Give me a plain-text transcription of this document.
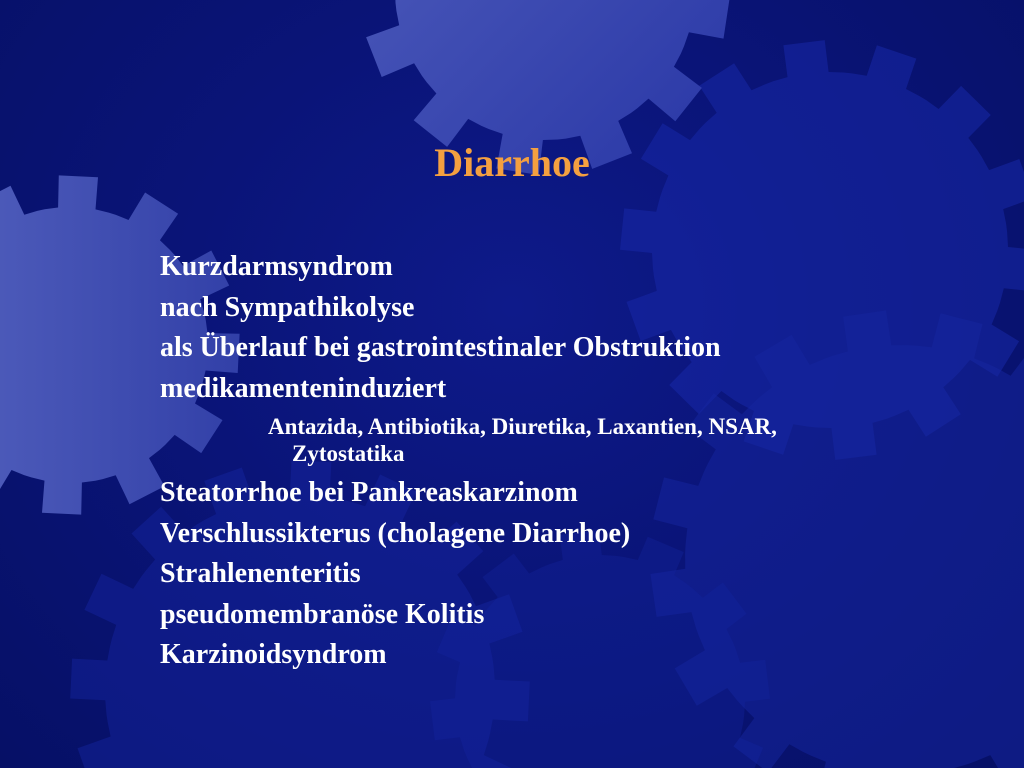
Diarrhoe
Kurzdarmsyndrom
nach Sympathikolyse
als Überlauf bei gastrointestinaler Obstruktion
medikamenteninduziert
Antazida, Antibiotika, Diuretika, Laxantien, NSAR,
Zytostatika
Steatorrhoe bei Pankreaskarzinom
Verschlussikterus (cholagene Diarrhoe)
Strahlenenteritis
pseudomembranöse Kolitis
Karzinoidsyndrom
